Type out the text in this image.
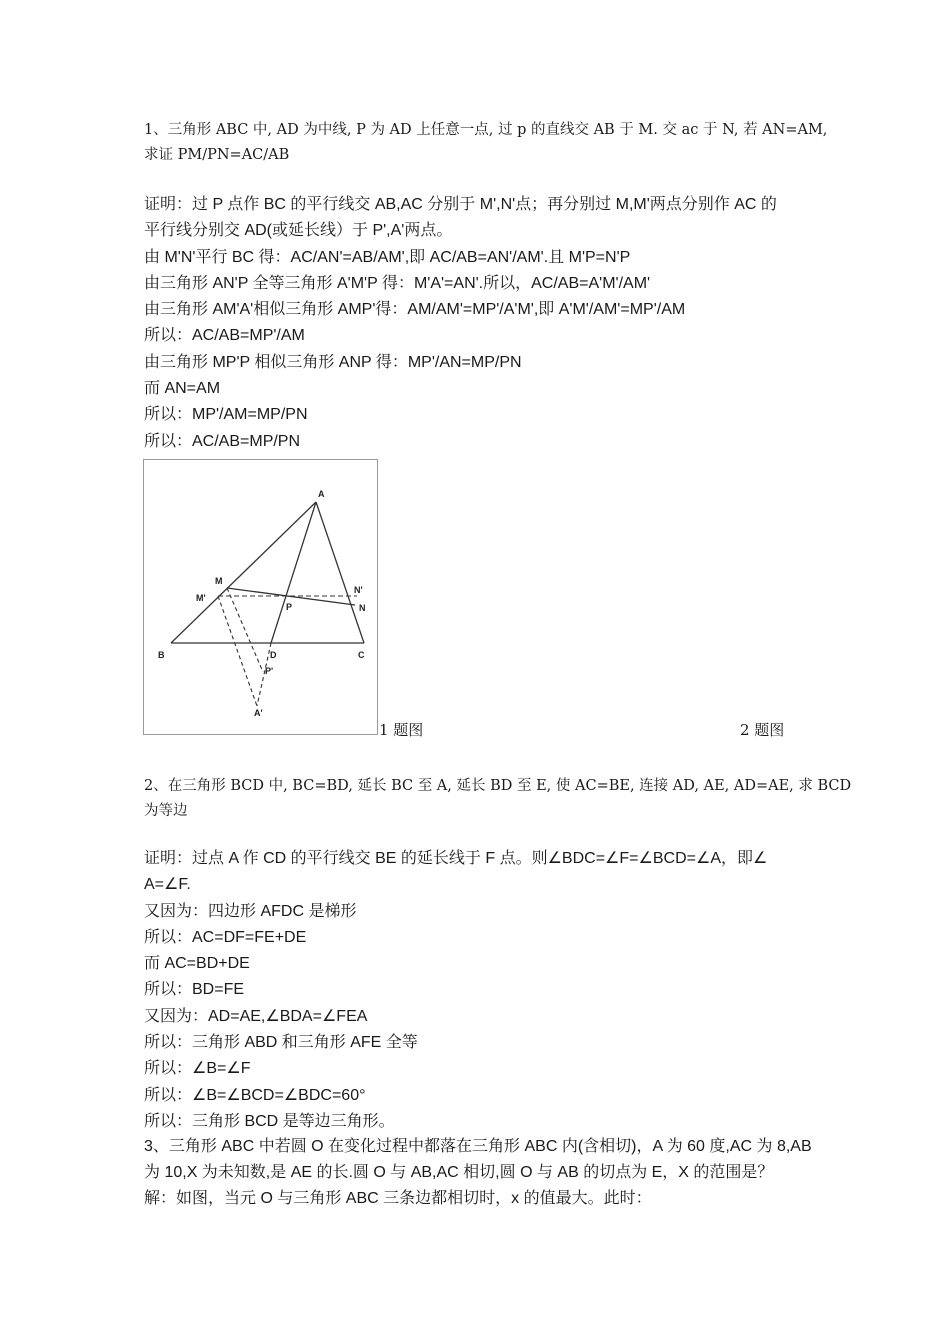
1、三角形 ABC 中, AD 为中线, P 为 AD 上任意一点, 过 p 的直线交 AB 于 M. 交 ac 于 N, 若 AN=AM,
求证 PM/PN=AC/AB
证明：过 P 点作 BC 的平行线交 AB,AC 分别于 M',N'点；再分别过 M,M'两点分别作 AC 的
平行线分别交 AD(或延长线）于 P',A'两点。
由 M'N'平行 BC 得：AC/AN'=AB/AM',即 AC/AB=AN'/AM'.且 M'P=N'P
由三角形 AN'P 全等三角形 A'M'P 得：M'A'=AN'.所以，AC/AB=A'M'/AM'
由三角形 AM'A'相似三角形 AMP'得：AM/AM'=MP'/A'M',即 A'M'/AM'=MP'/AM
所以：AC/AB=MP'/AM
由三角形 MP'P 相似三角形 ANP 得：MP'/AN=MP/PN
而 AN=AM
所以：MP'/AM=MP/PN
所以：AC/AB=MP/PN
A
B	C
D
M
M'
N'
N
P
P'
A'
1 题图	2 题图
2、在三角形 BCD 中, BC=BD, 延长 BC 至 A, 延长 BD 至 E, 使 AC=BE, 连接 AD, AE, AD=AE, 求 BCD
为等边
证明：过点 A 作 CD 的平行线交 BE 的延长线于 F 点。则∠BDC=∠F=∠BCD=∠A，即∠
A=∠F.
又因为：四边形 AFDC 是梯形
所以：AC=DF=FE+DE
而 AC=BD+DE
所以：BD=FE
又因为：AD=AE,∠BDA=∠FEA
所以：三角形 ABD 和三角形 AFE 全等
所以：∠B=∠F
所以：∠B=∠BCD=∠BDC=60°
所以：三角形 BCD 是等边三角形。
3、三角形 ABC 中若圆 O 在变化过程中都落在三角形 ABC 内(含相切)，A 为 60 度,AC 为 8,AB
为 10,X 为未知数,是 AE 的长.圆 O 与 AB,AC 相切,圆 O 与 AB 的切点为 E，X 的范围是？
解：如图，当元 O 与三角形 ABC 三条边都相切时，x 的值最大。此时：
